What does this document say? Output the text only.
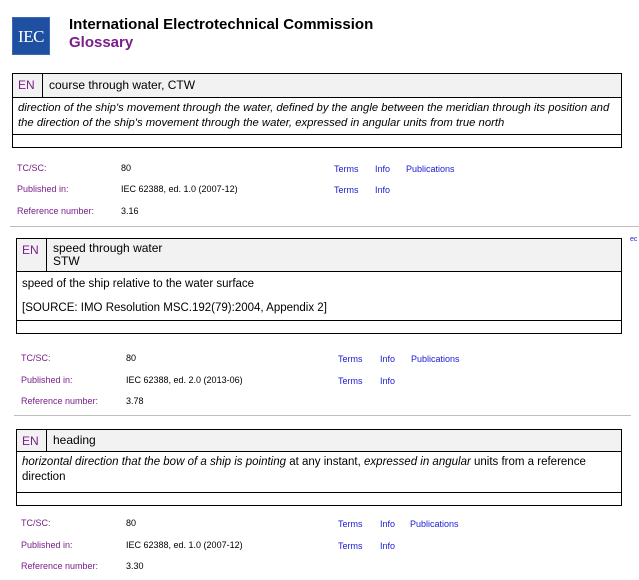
IEC
International Electrotechnical Commission
Glossary
EN	course through water, CTW
direction of the ship's movement through the water, defined by the angle between the meridian through its position and the direction of the ship's movement through the water, expressed in angular units from true north
TC/SC:	80	Terms Info Publications
Published in:	IEC 62388, ed. 1.0 (2007-12)	Terms Info
Reference number:	3.16
ec
EN	speed through water
STW
speed of the ship relative to the water surface
[SOURCE: IMO Resolution MSC.192(79):2004, Appendix 2]
TC/SC:	80	Terms Info Publications
Published in:	IEC 62388, ed. 2.0 (2013-06)	Terms Info
Reference number:	3.78
EN	heading
horizontal direction that the bow of a ship is pointing at any instant, expressed in angular units from a reference direction
TC/SC:	80	Terms Info Publications
Published in:	IEC 62388, ed. 1.0 (2007-12)	Terms Info
Reference number:	3.30
